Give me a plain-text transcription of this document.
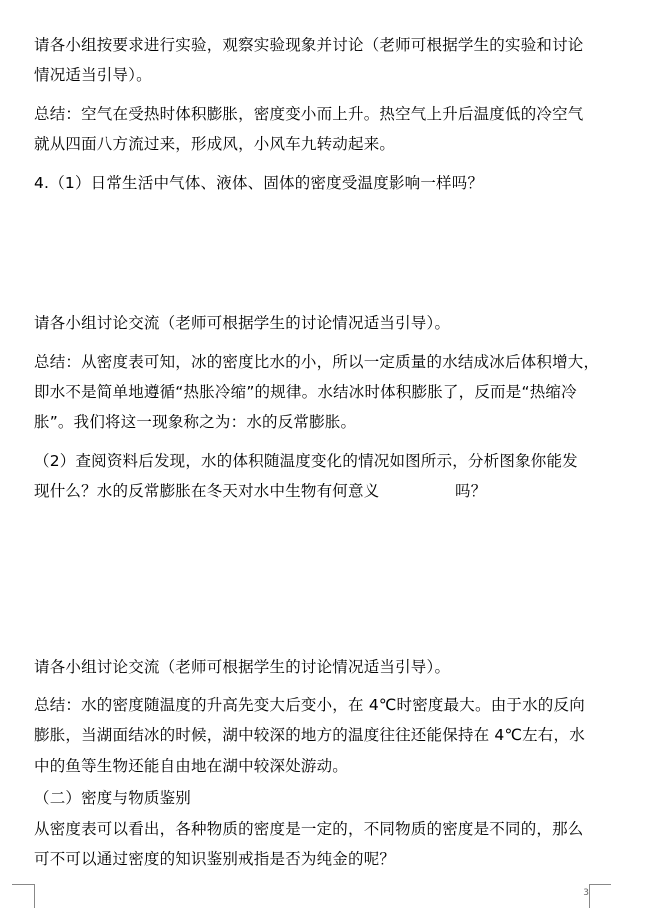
请各小组按要求进行实验，观察实验现象并讨论（老师可根据学生的实验和讨论
情况适当引导）。
总结：空气在受热时体积膨胀，密度变小而上升。热空气上升后温度低的冷空气
就从四面八方流过来，形成风，小风车九转动起来。
4.（1）日常生活中气体、液体、固体的密度受温度影响一样吗？
请各小组讨论交流（老师可根据学生的讨论情况适当引导）。
总结：从密度表可知，冰的密度比水的小，所以一定质量的水结成冰后体积增大，
即水不是简单地遵循“热胀冷缩”的规律。水结冰时体积膨胀了，反而是“热缩冷
胀”。我们将这一现象称之为：水的反常膨胀。
（2）查阅资料后发现，水的体积随温度变化的情况如图所示，分析图象你能发
现什么？水的反常膨胀在冬天对水中生物有何意义	吗？
请各小组讨论交流（老师可根据学生的讨论情况适当引导）。
总结：水的密度随温度的升高先变大后变小，在 4℃时密度最大。由于水的反向
膨胀，当湖面结冰的时候，湖中较深的地方的温度往往还能保持在 4℃左右，水
中的鱼等生物还能自由地在湖中较深处游动。
（二）密度与物质鉴别
从密度表可以看出，各种物质的密度是一定的，不同物质的密度是不同的，那么
可不可以通过密度的知识鉴别戒指是否为纯金的呢？
3
